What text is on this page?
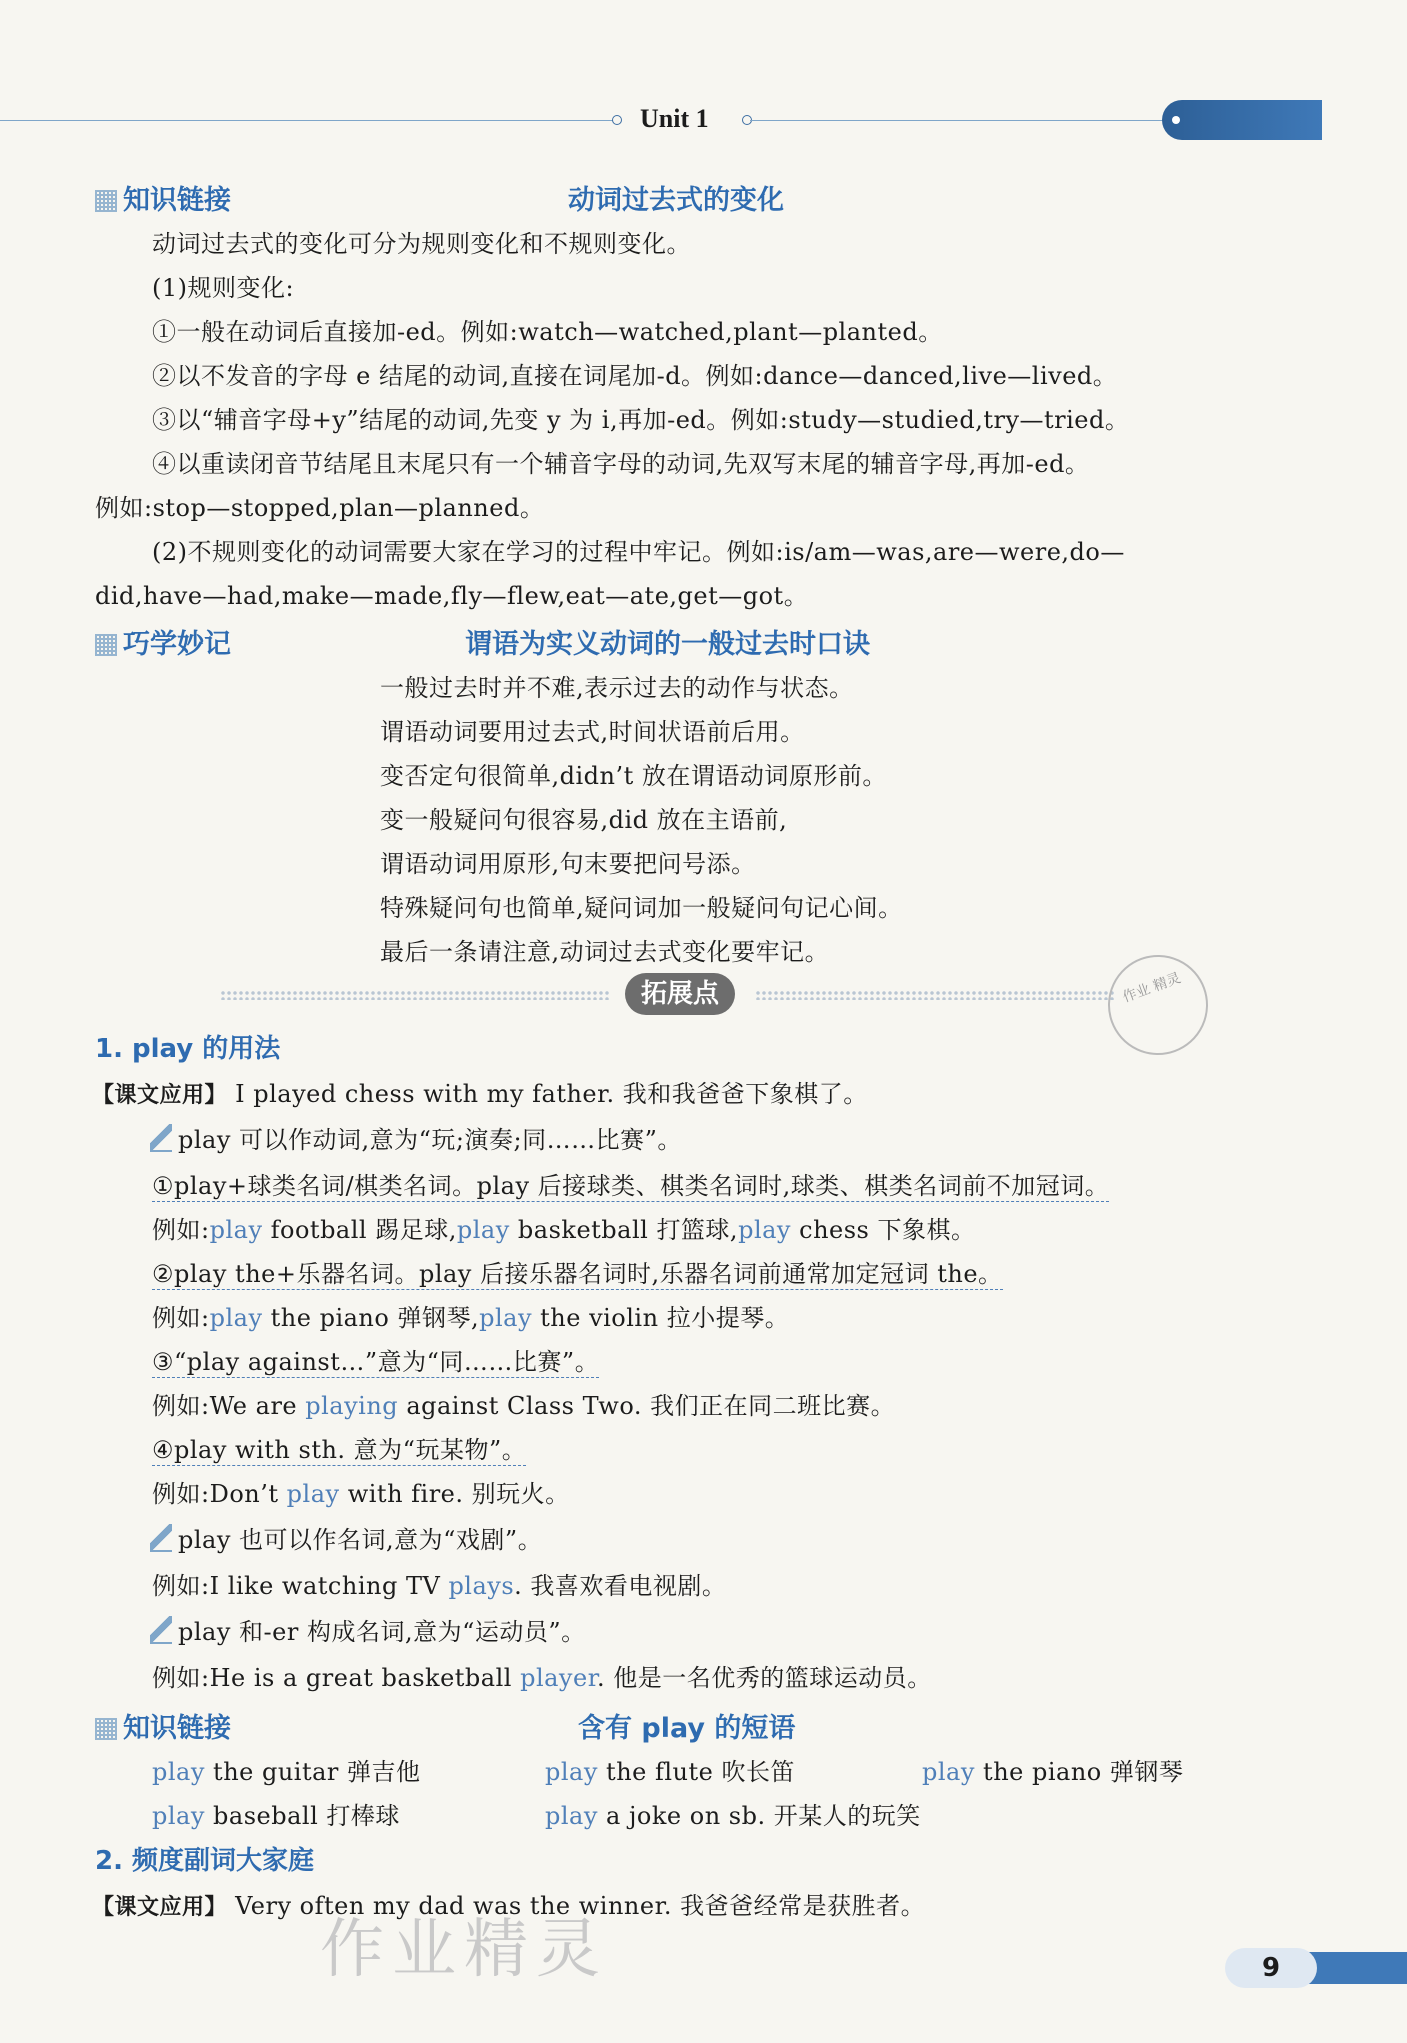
Unit 1
知识链接	动词过去式的变化
动词过去式的变化可分为规则变化和不规则变化。
(1)规则变化:
①一般在动词后直接加-ed。例如:watch—watched,plant—planted。
②以不发音的字母 e 结尾的动词,直接在词尾加-d。例如:dance—danced,live—lived。
③以“辅音字母+y”结尾的动词,先变 y 为 i,再加-ed。例如:study—studied,try—tried。
④以重读闭音节结尾且末尾只有一个辅音字母的动词,先双写末尾的辅音字母,再加-ed。
例如:stop—stopped,plan—planned。
(2)不规则变化的动词需要大家在学习的过程中牢记。例如:is/am—was,are—were,do—
did,have—had,make—made,fly—flew,eat—ate,get—got。
巧学妙记	谓语为实义动词的一般过去时口诀
一般过去时并不难,表示过去的动作与状态。
谓语动词要用过去式,时间状语前后用。
变否定句很简单,didn’t 放在谓语动词原形前。
变一般疑问句很容易,did 放在主语前,
谓语动词用原形,句末要把问号添。
特殊疑问句也简单,疑问词加一般疑问句记心间。
最后一条请注意,动词过去式变化要牢记。
拓展点	作业 精灵
1. play 的用法
【课文应用】 I played chess with my father. 我和我爸爸下象棋了。
play 可以作动词,意为“玩;演奏;同……比赛”。
①play+球类名词/棋类名词。play 后接球类、棋类名词时,球类、棋类名词前不加冠词。
例如:play football 踢足球,play basketball 打篮球,play chess 下象棋。
②play the+乐器名词。play 后接乐器名词时,乐器名词前通常加定冠词 the。
例如:play the piano 弹钢琴,play the violin 拉小提琴。
③“play against…”意为“同……比赛”。
例如:We are playing against Class Two. 我们正在同二班比赛。
④play with sth. 意为“玩某物”。
例如:Don’t play with fire. 别玩火。
play 也可以作名词,意为“戏剧”。
例如:I like watching TV plays. 我喜欢看电视剧。
play 和-er 构成名词,意为“运动员”。
例如:He is a great basketball player. 他是一名优秀的篮球运动员。
知识链接	含有 play 的短语
play the guitar 弹吉他	play the flute 吹长笛	play the piano 弹钢琴
play baseball 打棒球	play a joke on sb. 开某人的玩笑
2. 频度副词大家庭
【课文应用】 Very often my dad was the winner. 我爸爸经常是获胜者。
作业精灵	9
